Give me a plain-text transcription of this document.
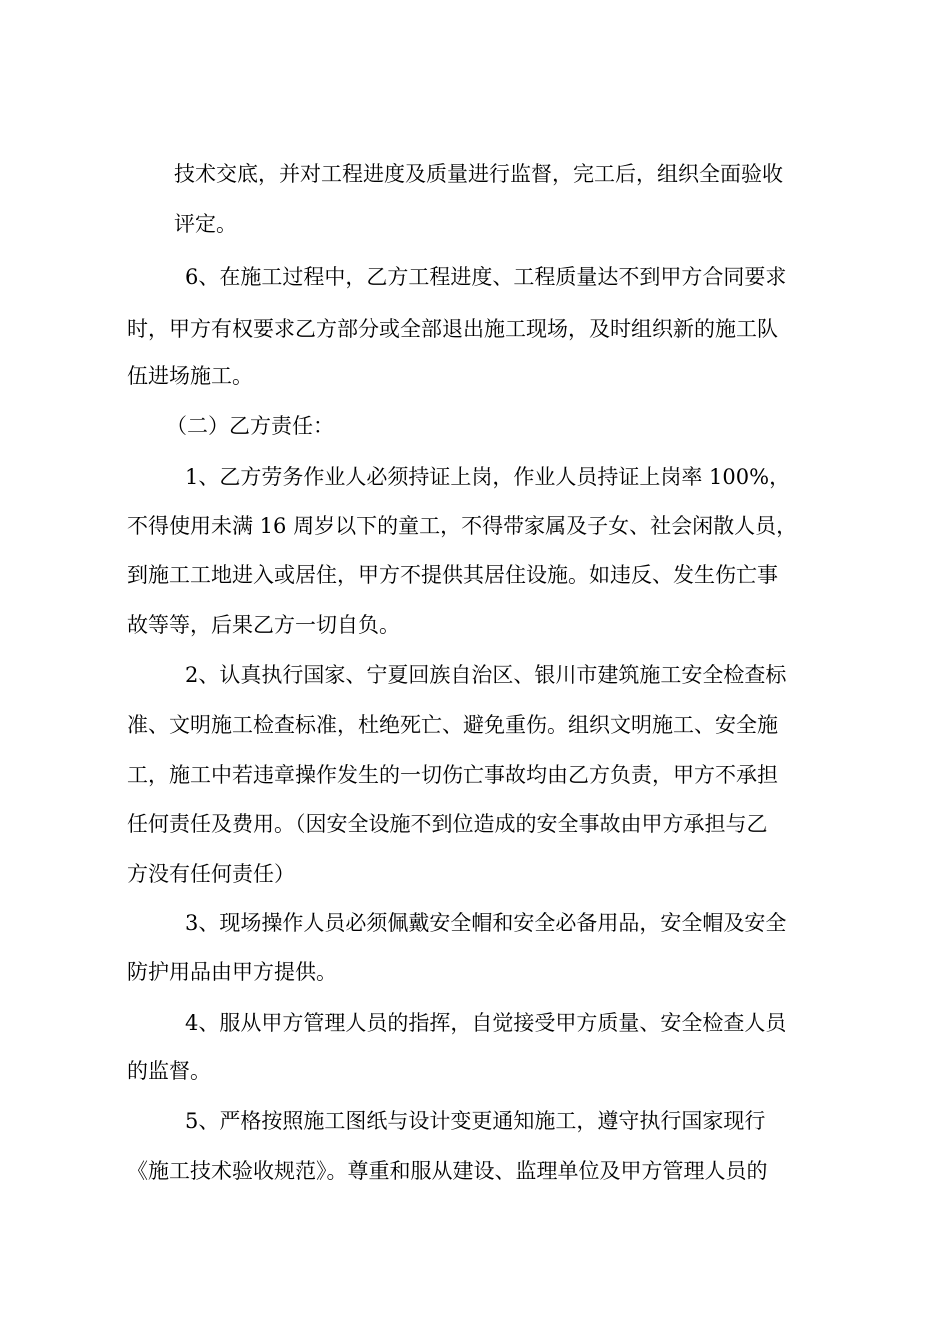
技术交底，并对工程进度及质量进行监督，完工后，组织全面验收
评定。
6、在施工过程中，乙方工程进度、工程质量达不到甲方合同要求
时，甲方有权要求乙方部分或全部退出施工现场，及时组织新的施工队
伍进场施工。
（二）乙方责任：
1、乙方劳务作业人必须持证上岗，作业人员持证上岗率 100%，
不得使用未满 16 周岁以下的童工，不得带家属及子女、社会闲散人员，
到施工工地进入或居住，甲方不提供其居住设施。如违反、发生伤亡事
故等等，后果乙方一切自负。
2、认真执行国家、宁夏回族自治区、银川市建筑施工安全检查标
准、文明施工检查标准，杜绝死亡、避免重伤。组织文明施工、安全施
工，施工中若违章操作发生的一切伤亡事故均由乙方负责，甲方不承担
任何责任及费用。（因安全设施不到位造成的安全事故由甲方承担与乙
方没有任何责任）
3、现场操作人员必须佩戴安全帽和安全必备用品，安全帽及安全
防护用品由甲方提供。
4、服从甲方管理人员的指挥，自觉接受甲方质量、安全检查人员
的监督。
5、严格按照施工图纸与设计变更通知施工，遵守执行国家现行
《施工技术验收规范》。尊重和服从建设、监理单位及甲方管理人员的
